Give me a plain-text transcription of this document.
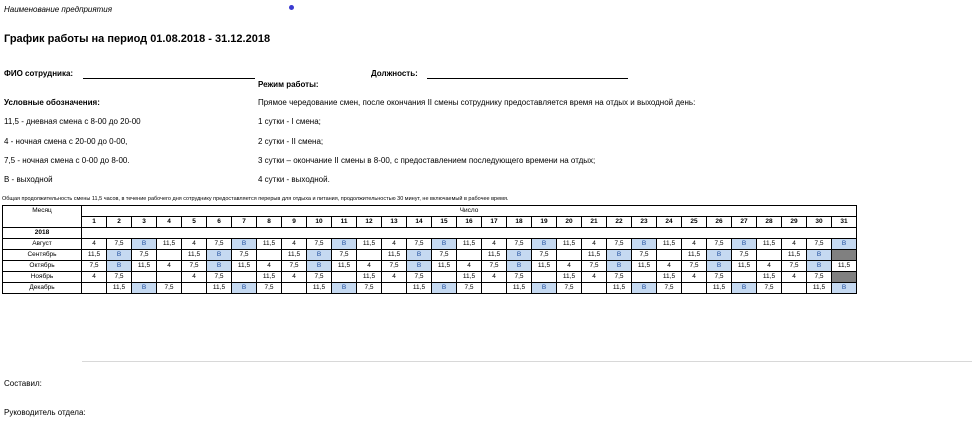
Наименование предприятия
График работы на период 01.08.2018 - 31.12.2018
ФИО сотрудника:	Должность:
Режим работы:
Условные обозначения:	Прямое чередование смен, после окончания II смены сотруднику предоставляется время на отдых и выходной день:
11,5 - дневная смена с 8-00 до 20-00
4 - ночная смена с 20-00 до 0-00,
7,5 - ночная смена с 0-00 до 8-00.
В - выходной
1 сутки - I смена;
2 сутки - II смена;
3 сутки – окончание II смены в 8-00, с предоставлением последующего времени на отдых;
4 сутки - выходной.
Общая продолжительность смены 11,5 часов, в течение рабочего дня сотруднику предоставляется перерыв для отдыха и питания, продолжительностью 30 минут, не включаемый в рабочее время.
Месяц	Число																														
	1	2	3	4	5	6	7	8	9	10	11	12	13	14	15	16	17	18	19	20	21	22	23	24	25	26	27	28	29	30	31
2018																															
Август	4	7,5	В	11,5	4	7,5	В	11,5	4	7,5	В	11,5	4	7,5	В	11,5	4	7,5	В	11,5	4	7,5	В	11,5	4	7,5	В	11,5	4	7,5	В
Сентябрь	11,5	В	7,5		11,5	В	7,5		11,5	В	7,5		11,5	В	7,5		11,5	В	7,5		11,5	В	7,5		11,5	В	7,5		11,5	В	
Октябрь	7,5	В	11,5	4	7,5	В	11,5	4	7,5	В	11,5	4	7,5	В	11,5	4	7,5	В	11,5	4	7,5	В	11,5	4	7,5	В	11,5	4	7,5	В	11,5
Ноябрь	4	7,5			4	7,5		11,5	4	7,5		11,5	4	7,5		11,5	4	7,5		11,5	4	7,5		11,5	4	7,5		11,5	4	7,5	
Декабрь		11,5	В	7,5		11,5	В	7,5		11,5	В	7,5		11,5	В	7,5		11,5	В	7,5		11,5	В	7,5		11,5	В	7,5		11,5	В
Составил:
Руководитель отдела:
